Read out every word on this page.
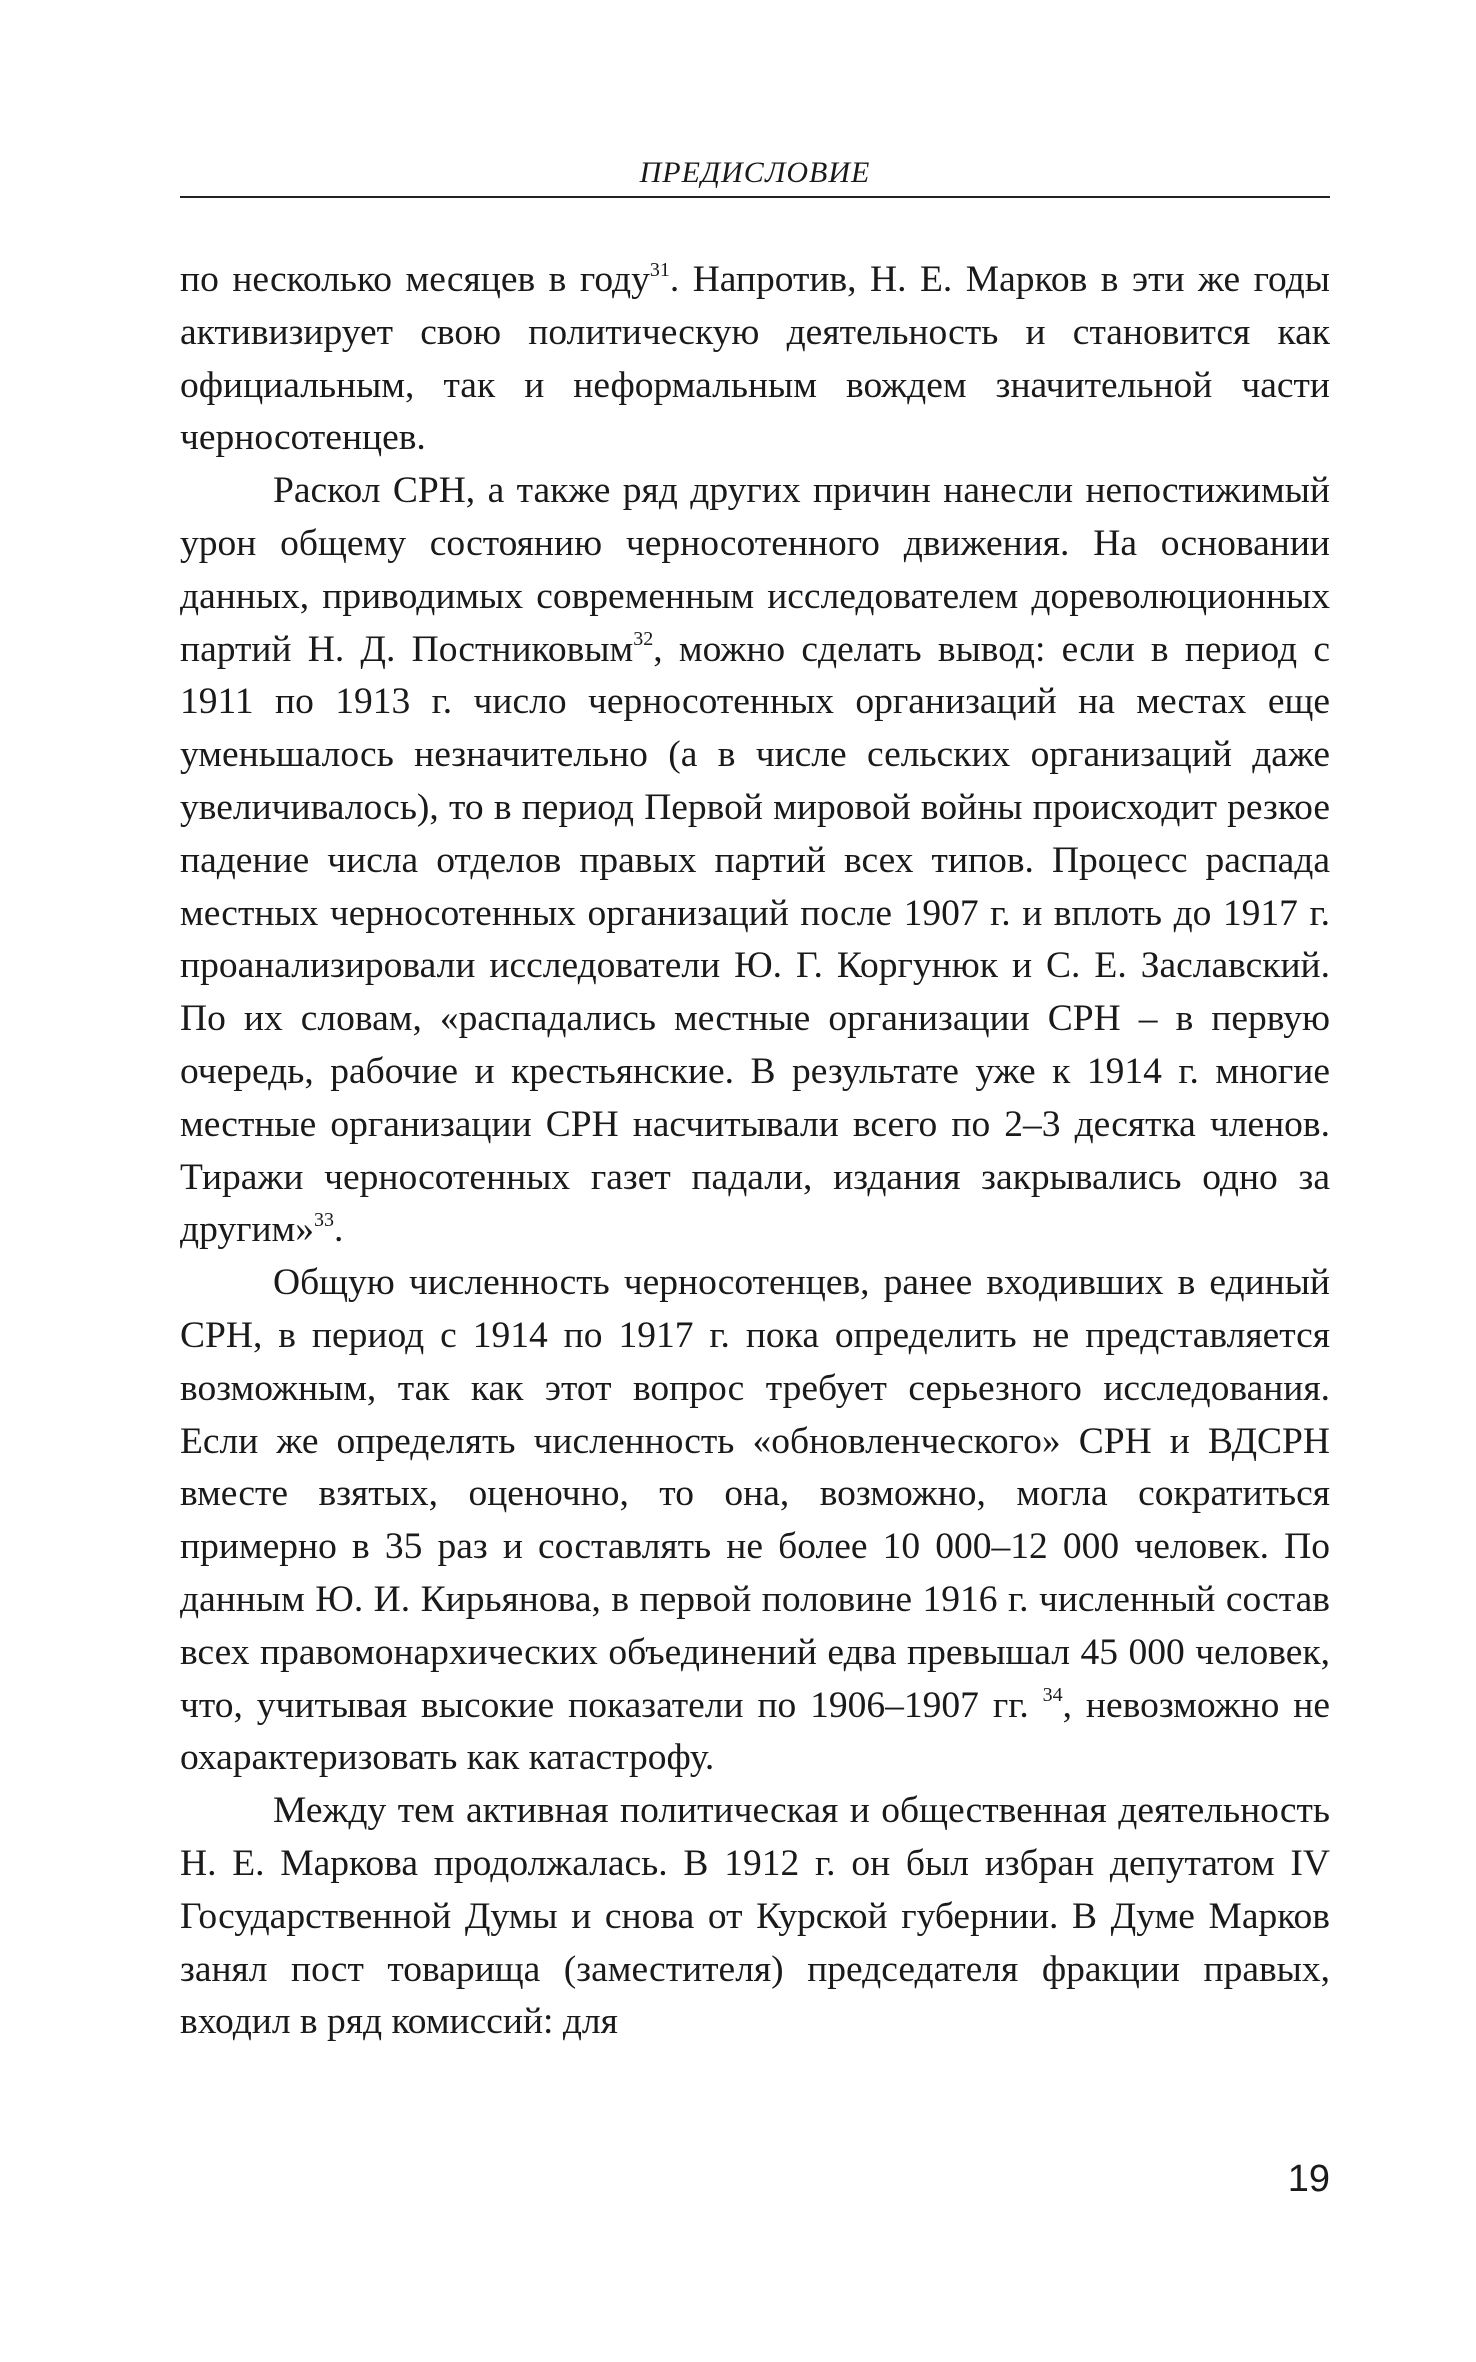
ПРЕДИСЛОВИЕ

по несколько месяцев в году$^{31}$. Напротив, Н. Е. Марков в эти же годы активизирует свою политическую деятельность и становится как официальным, так и неформальным вождем значительной части черносотенцев.

Раскол СРН, а также ряд других причин нанесли непостижимый урон общему состоянию черносотенного движения. На основании данных, приводимых современным исследователем дореволюционных партий Н. Д. Постниковым$^{32}$, можно сделать вывод: если в период с 1911 по 1913 г. число черносотенных организаций на местах еще уменьшалось незначительно (а в числе сельских организаций даже увеличивалось), то в период Первой мировой войны происходит резкое падение числа отделов правых партий всех типов. Процесс распада местных черносотенных организаций после 1907 г. и вплоть до 1917 г. проанализировали исследователи Ю. Г. Коргунюк и С. Е. Заславский. По их словам, «распадались местные организации СРН – в первую очередь, рабочие и крестьянские. В результате уже к 1914 г. многие местные организации СРН насчитывали всего по 2–3 десятка членов. Тиражи черносотенных газет падали, издания закрывались одно за другим»$^{33}$.

Общую численность черносотенцев, ранее входивших в единый СРН, в период с 1914 по 1917 г. пока определить не представляется возможным, так как этот вопрос требует серьезного исследования. Если же определять численность «обновленческого» СРН и ВДСРН вместе взятых, оценочно, то она, возможно, могла сократиться примерно в 35 раз и составлять не более 10 000–12 000 человек. По данным Ю. И. Кирьянова, в первой половине 1916 г. численный состав всех правомонархических объединений едва превышал 45 000 человек, что, учитывая высокие показатели по 1906–1907 гг. $^{34}$, невозможно не охарактеризовать как катастрофу.

Между тем активная политическая и общественная деятельность Н. Е. Маркова продолжалась. В 1912 г. он был избран депутатом IV Государственной Думы и снова от Курской губернии. В Думе Марков занял пост товарища (заместителя) председателя фракции правых, входил в ряд комиссий: для

19
